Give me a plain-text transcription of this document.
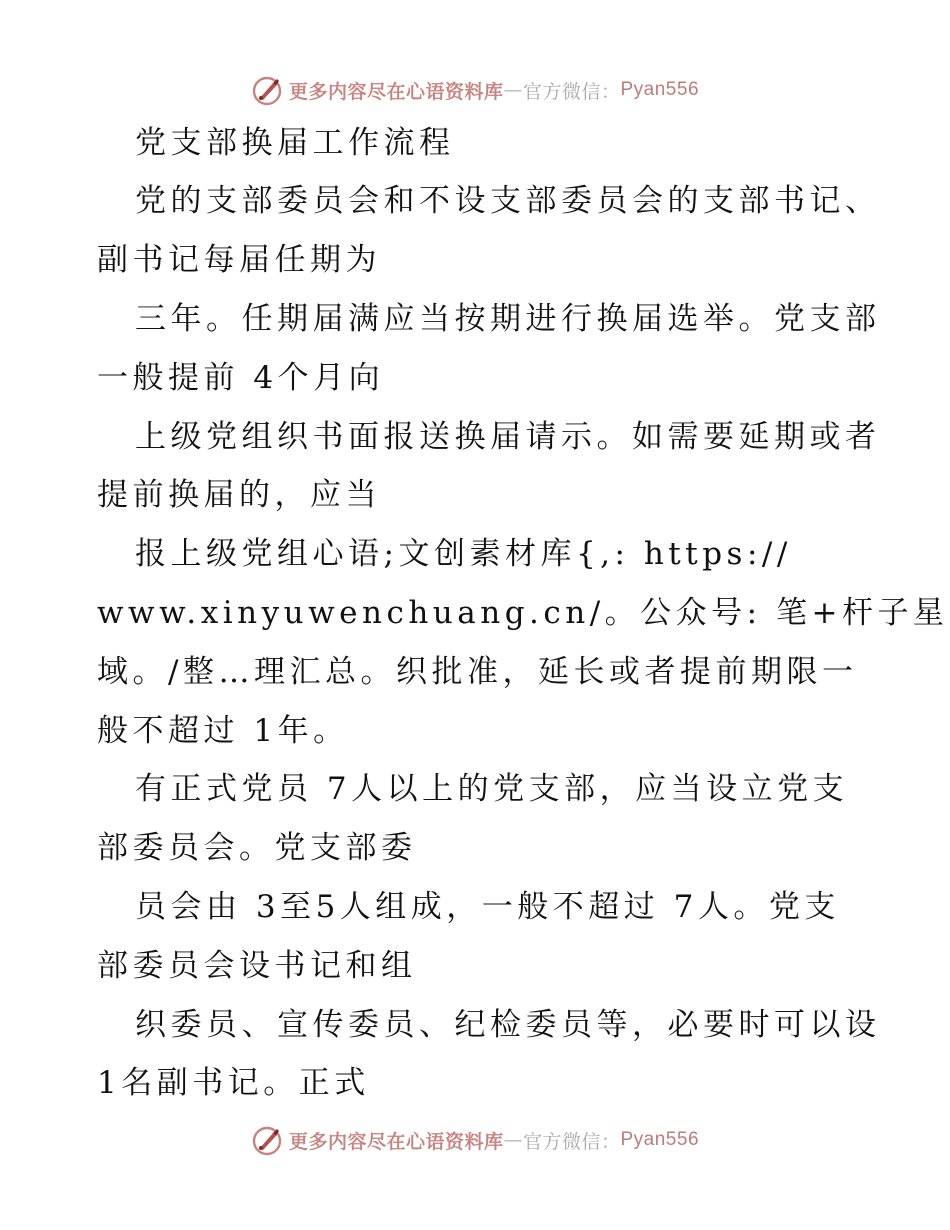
更多内容尽在心语资料库 — 官方微信： Pyan556
党支部换届工作流程
党的支部委员会和不设支部委员会的支部书记、
副书记每届任期为
三年。任期届满应当按期进行换届选举。党支部
一般提前 4个月向
上级党组织书面报送换届请示。如需要延期或者
提前换届的，应当
报上级党组心语;文创素材库{,: https://
www.xinyuwenchuang.cn/。公众号: 笔+杆子星
域。/整…理汇总。织批准，延长或者提前期限一
般不超过 1年。
有正式党员 7人以上的党支部，应当设立党支
部委员会。党支部委
员会由 3至5人组成，一般不超过 7人。党支
部委员会设书记和组
织委员、宣传委员、纪检委员等，必要时可以设
1名副书记。正式
更多内容尽在心语资料库 — 官方微信： Pyan556
